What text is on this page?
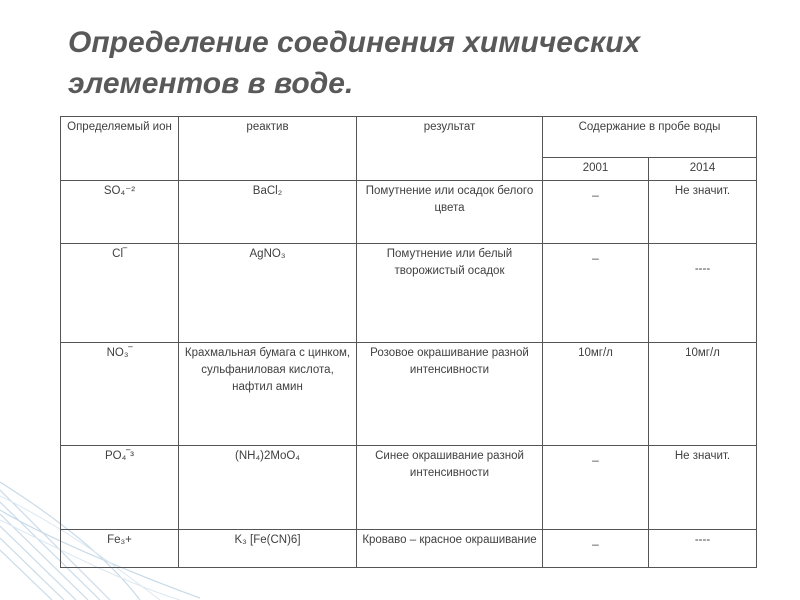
Определение соединения химических элементов в воде.
Определяемый ион	реактив	результат	Содержание в пробе воды	
			2001	2014
SO₄⁻²	BaCl₂	Помутнение или осадок белого цвета	_	Не значит.
Cl‾	AgNO₃	Помутнение или белый творожистый осадок	_	----
NO₃‾	Крахмальная бумага с цинком, сульфаниловая кислота, нафтил амин	Розовое окрашивание разной интенсивности	10мг/л	10мг/л
PO₄‾³	(NH₄)2MoO₄	Синее окрашивание разной интенсивности	_	Не значит.
Fe₃+	K₃ [Fe(CN)6]	Кроваво – красное окрашивание	_	----
